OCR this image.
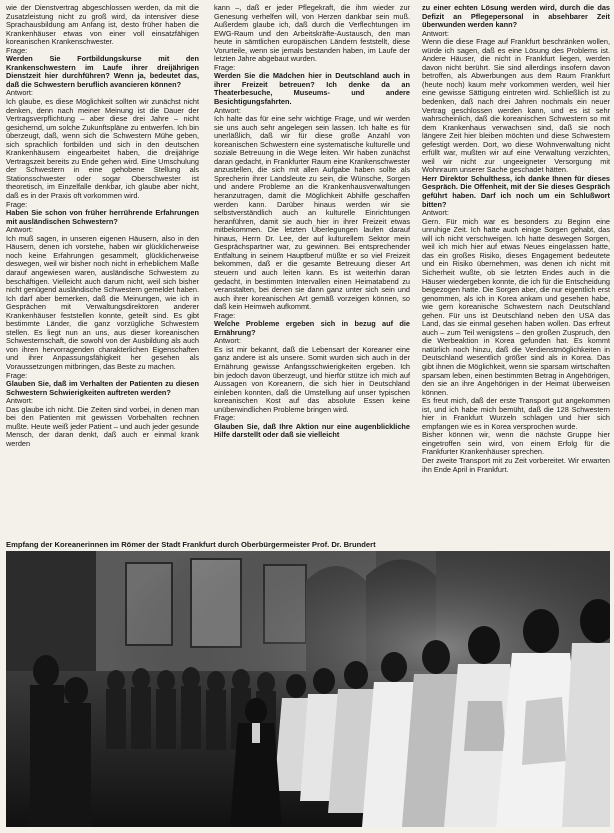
wie der Dienstvertrag abgeschlossen werden, da mit die Zusatzleistung nicht zu groß wird, da intensiver diese Sprachausbildung am Anfang ist, desto früher haben die Krankenhäuser etwas von einer voll einsatzfähigen koreanischen Krankenschwester.

Frage:

Werden Sie Fortbildungskurse mit den Krankenschwestern im Laufe ihrer dreijährigen Dienstzeit hier durchführen? Wenn ja, bedeutet das, daß die Schwestern beruflich avancieren können?

Antwort:

Ich glaube, es diese Möglichkeit sollten wir zunächst nicht denken, denn nach meiner Meinung ist die Dauer der Vertragsverpflichtung – aber diese drei Jahre – nicht gesichernd, um solche Zukunftspläne zu entwerfen. Ich bin überzeugt, daß, wenn sich die Schwestern Mühe geben, sich sprachlich fortbilden und sich in den deutschen Krankenhäusern eingearbeitet haben, die dreijährige Vertragszeit bereits zu Ende gehen wird. Eine Umschulung der Schwestern in eine gehobene Stellung als Stationsschwester oder sogar Oberschwester ist theoretisch, im Einzelfalle denkbar, ich glaube aber nicht, daß es in der Praxis oft vorkommen wird.

Frage:

Haben Sie schon von früher herrührende Erfahrungen mit ausländischen Schwestern?

Antwort:

Ich muß sagen, in unseren eigenen Häusern, also in den Häusern, denen ich vorstehe, haben wir glücklicherweise noch keine Erfahrungen gesammelt, glücklicherweise deswegen, weil wir bisher noch nicht in erheblichem Maße darauf angewiesen waren, ausländische Schwestern zu beschäftigen. Vielleicht auch darum nicht, weil sich bisher nicht genügend ausländische Schwestern gemeldet haben. Ich darf aber bemerken, daß die Meinungen, wie ich in Gesprächen mit Verwaltungsdirektoren anderer Krankenhäuser feststellen konnte, geteilt sind. Es gibt bestimmte Länder, die ganz vorzügliche Schwestern stellen. Es liegt nun an uns, aus dieser koreanischen Schwesternschaft, die sowohl von der Ausbildung als auch von ihren hervorragenden charakterlichen Eigenschaften und ihrer Anpassungsfähigkeit her gesehen als Voraussetzungen mitbringen, das Beste zu machen.

Frage:

Glauben Sie, daß im Verhalten der Patienten zu diesen Schwestern Schwierigkeiten auftreten werden?

Antwort:

Das glaube ich nicht. Die Zeiten sind vorbei, in denen man bei den Patienten mit gewissen Vorbehalten rechnen mußte. Heute weiß jeder Patient – und auch jeder gesunde Mensch, der daran denkt, daß auch er einmal krank werden

kann –, daß er jeder Pflegekraft, die ihm wieder zur Genesung verhelfen will, von Herzen dankbar sein muß. Außerdem glaube ich, daß durch die Verflechtungen im EWG-Raum und den Arbeitskräfte-Austausch, den man heute in sämtlichen europäischen Ländern feststellt, diese Vorurteile, wenn sie jemals bestanden haben, im Laufe der letzten Jahre abgebaut wurden.

Frage:

Werden Sie die Mädchen hier in Deutschland auch in ihrer Freizeit betreuen? Ich denke da an Theaterbesuche, Museums- und andere Besichtigungsfahrten.

Antwort:

Ich halte das für eine sehr wichtige Frage, und wir werden sie uns auch sehr angelegen sein lassen. Ich halte es für unerläßlich, daß wir für diese große Anzahl von koreanischen Schwestern eine systematische kulturelle und soziale Betreuung in die Wege leiten. Wir haben zunächst daran gedacht, in Frankfurter Raum eine Krankenschwester anzustellen, die sich mit allen Aufgabe haben sollte als Sprecherin ihrer Landsleute zu sein, die Wünsche, Sorgen und andere Probleme an die Krankenhausverwaltungen heranzutragen, damit die Möglichkeit Abhilfe geschaffen werden kann. Darüber hinaus werden wir sie selbstverständlich auch an kulturelle Einrichtungen heranführen, damit sie auch hier in ihrer Freizeit etwas mitbekommen. Die letzten Überlegungen laufen darauf hinaus, Herrn Dr. Lee, der auf kulturellem Sektor mein Gesprächspartner war, zu gewinnen. Bei entsprechender Entfaltung in seinem Hauptberuf müßte er so viel Freizeit bekommen, daß er die gesamte Betreuung dieser Art steuern und auch leiten kann. Es ist weiterhin daran gedacht, in bestimmten Intervallen einen Heimatabend zu veranstalten, bei denen sie dann ganz unter sich sein und auch ihrer koreanischen Art gemäß vorzeigen können, so daß kein Heimweh aufkommt.

Frage:

Welche Probleme ergeben sich in bezug auf die Ernährung?

Antwort:

Es ist mir bekannt, daß die Lebensart der Koreaner eine ganz andere ist als unsere. Somit wurden sich auch in der Ernährung gewisse Anfangsschwierigkeiten ergeben. Ich bin jedoch davon überzeugt, und hierfür stütze ich mich auf Aussagen von Koreanern, die sich hier in Deutschland einleben konnten, daß die Umstellung auf unser typischen koreanischen Kost auf das absolute Essen keine unüberwindlichen Probleme bringen wird.

Frage:

Glauben Sie, daß Ihre Aktion nur eine augenblickliche Hilfe darstellt oder daß sie vielleicht

zu einer echten Lösung werden wird, durch die das Defizit an Pflegepersonal in absehbarer Zeit überwunden werden kann?

Antwort:

Wenn die diese Frage auf Frankfurt beschränken wollen, würde ich sagen, daß es eine Lösung des Problems ist. Andere Häuser, die nicht in Frankfurt liegen, werden davon nicht berührt. Sie sind allerdings insofern davon betroffen, als Abwerbungen aus dem Raum Frankfurt (heute noch) kaum mehr vorkommen werden, weil hier eine gewisse Sättigung eintreten wird. Schließlich ist zu bedenken, daß nach drei Jahren nochmals ein neuer Vertrag geschlossen werden kann, und es ist sehr wahrscheinlich, daß die koreanischen Schwestern so mit dem Krankenhaus verwachsen sind, daß sie noch längere Zeit hier bleiben möchten und diese Schwestern gefestigt werden. Dort, wo diese Wohnverwaltung nicht erfüllt war, mußten wir auf eine Verwaltung verzichten, weil wir nicht zur ungeeigneter Versorgung mit Wohnraum unserer Sache geschadet hätten.

Herr Direktor Schulthess, ich danke Ihnen für dieses Gespräch. Die Offenheit, mit der Sie dieses Gespräch geführt haben. Darf ich noch um ein Schlußwort bitten?

Antwort:

Gern. Für mich war es besonders zu Beginn eine unruhige Zeit. Ich hatte auch einige Sorgen gehabt, das will ich nicht verschweigen. Ich hatte deswegen Sorgen, weil ich mich hier auf etwas Neues eingelassen hatte, das ein großes Risiko, dieses Engagement bedeutete und ein Risiko übernehmen, was denen ich nicht mit Sicherheit wußte, ob sie letzten Endes auch in die Häuser wiedergeben konnte, die ich für die Entscheidung beigezogen hatte. Die Sorgen aber, die nur eigentlich erst genommen, als ich in Korea ankam und gesehen habe, wie gern koreanische Schwestern nach Deutschland gehen. Für uns ist Deutschland neben den USA das Land, das sie einmal gesehen haben wollen. Das erfreut auch – zum Teil wenigstens – den großen Zuspruch, den die Werbeaktion in Korea gefunden hat. Es kommt natürlich noch hinzu, daß die Verdienstmöglichkeiten in Deutschland wesentlich größer sind als in Korea. Das gibt ihnen die Möglichkeit, wenn sie sparsam wirtschaften sparsam leben, einen bestimmten Betrag in Angehörigen, den sie an ihre Angehörigen in der Heimat überweisen können.

Es freut mich, daß der erste Transport gut angekommen ist, und ich habe mich bemüht, daß die 128 Schwestern hier in Frankfurt Wurzeln schlagen und hier sich empfangen wie es in Korea versprochen wurde.

Bisher können wir, wenn die nächste Gruppe hier eingetroffen sein wird, von einem Erfolg für die Frankfurter Krankenhäuser sprechen.

Der zweite Transport mit zu Zeit vorbereitet. Wir erwarten ihn Ende April in Frankfurt.

Empfang der Koreanerinnen im Römer der Stadt Frankfurt durch Oberbürgermeister Prof. Dr. Brundert
